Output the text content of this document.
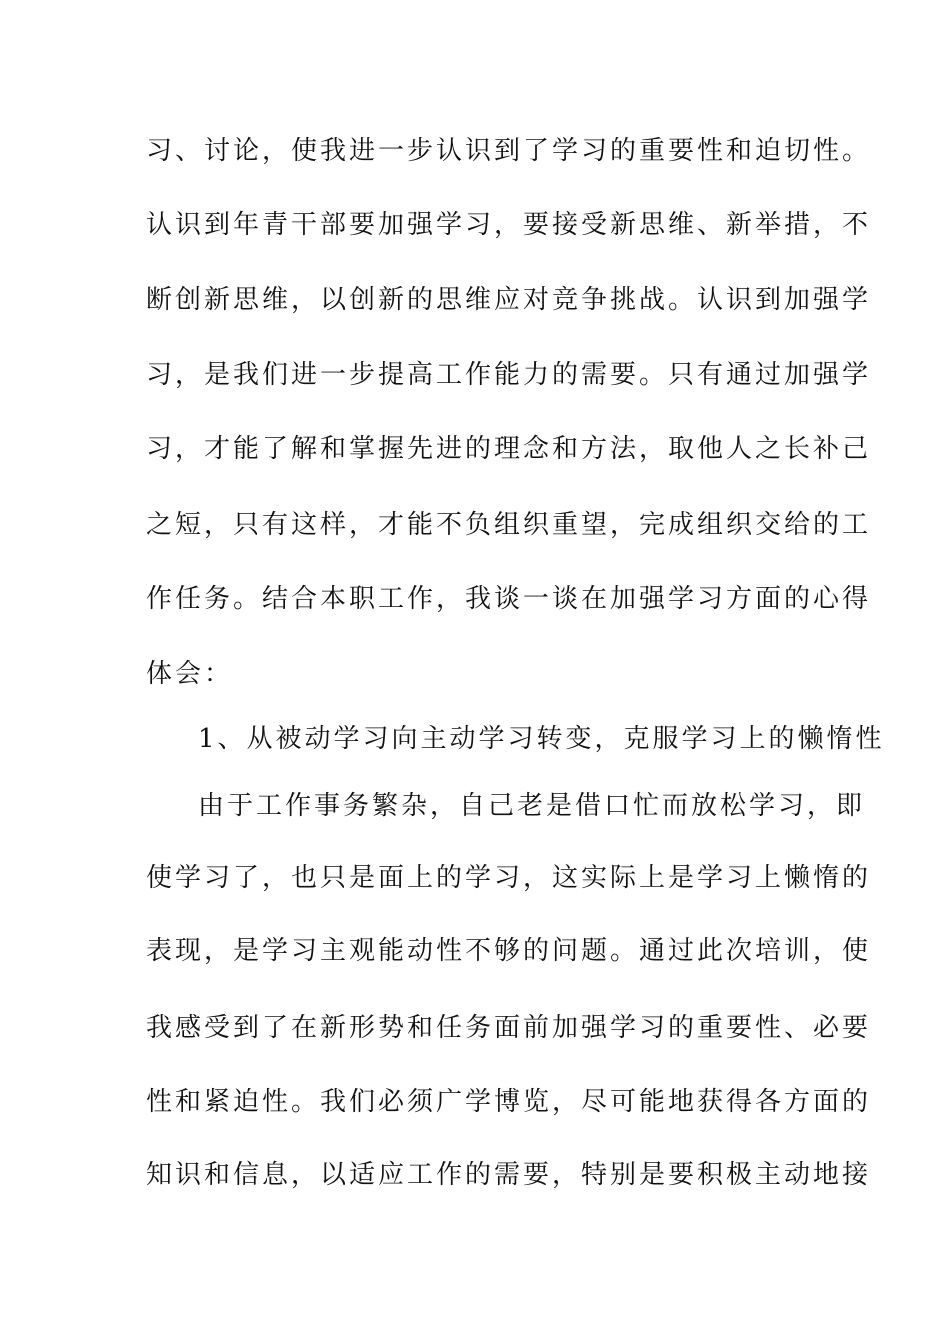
习、讨论，使我进一步认识到了学习的重要性和迫切性。
认识到年青干部要加强学习，要接受新思维、新举措，不
断创新思维，以创新的思维应对竞争挑战。认识到加强学
习，是我们进一步提高工作能力的需要。只有通过加强学
习，才能了解和掌握先进的理念和方法，取他人之长补己
之短，只有这样，才能不负组织重望，完成组织交给的工
作任务。结合本职工作，我谈一谈在加强学习方面的心得
体会：
1、从被动学习向主动学习转变，克服学习上的懒惰性
由于工作事务繁杂，自己老是借口忙而放松学习，即
使学习了，也只是面上的学习，这实际上是学习上懒惰的
表现，是学习主观能动性不够的问题。通过此次培训，使
我感受到了在新形势和任务面前加强学习的重要性、必要
性和紧迫性。我们必须广学博览，尽可能地获得各方面的
知识和信息，以适应工作的需要，特别是要积极主动地接
